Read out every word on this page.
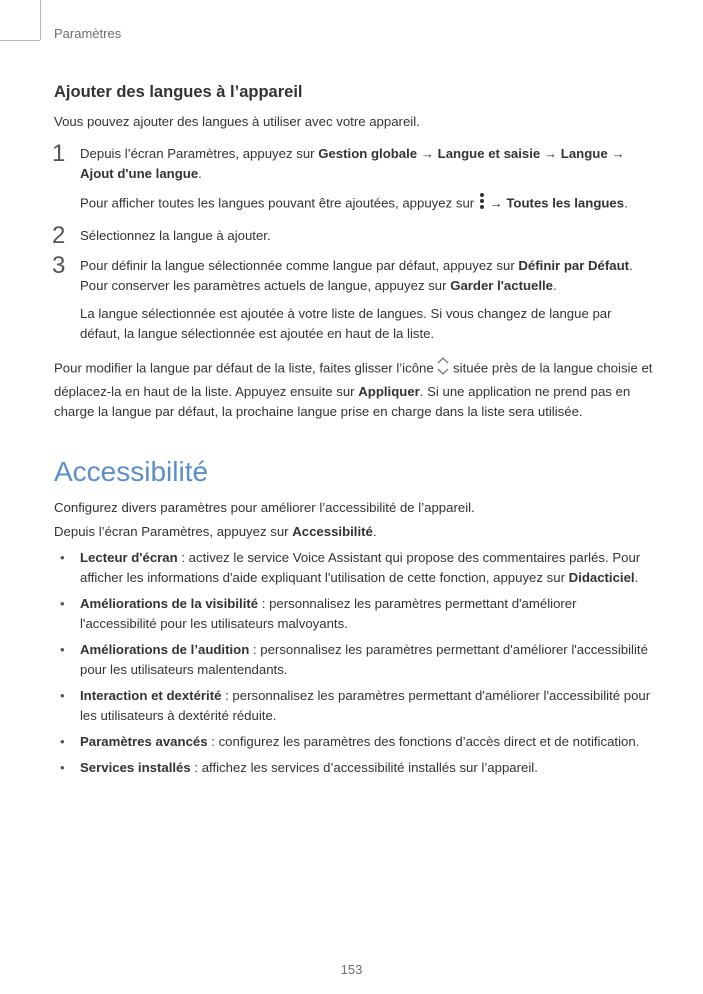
Paramètres
Ajouter des langues à l’appareil

Vous pouvez ajouter des langues à utiliser avec votre appareil.

1 Depuis l’écran Paramètres, appuyez sur Gestion globale → Langue et saisie → Langue → Ajout d'une langue.

Pour afficher toutes les langues pouvant être ajoutées, appuyez sur  → Toutes les langues.

2 Sélectionnez la langue à ajouter.

3 Pour définir la langue sélectionnée comme langue par défaut, appuyez sur Définir par Défaut.
Pour conserver les paramètres actuels de langue, appuyez sur Garder l'actuelle.

La langue sélectionnée est ajoutée à votre liste de langues. Si vous changez de langue par défaut, la langue sélectionnée est ajoutée en haut de la liste.

Pour modifier la langue par défaut de la liste, faites glisser l’icône  située près de la langue choisie et déplacez-la en haut de la liste. Appuyez ensuite sur Appliquer. Si une application ne prend pas en charge la langue par défaut, la prochaine langue prise en charge dans la liste sera utilisée.

Accessibilité

Configurez divers paramètres pour améliorer l’accessibilité de l’appareil.

Depuis l’écran Paramètres, appuyez sur Accessibilité.

• Lecteur d'écran : activez le service Voice Assistant qui propose des commentaires parlés. Pour afficher les informations d'aide expliquant l'utilisation de cette fonction, appuyez sur Didacticiel.
• Améliorations de la visibilité : personnalisez les paramètres permettant d'améliorer l'accessibilité pour les utilisateurs malvoyants.
• Améliorations de l’audition : personnalisez les paramètres permettant d'améliorer l'accessibilité pour les utilisateurs malentendants.
• Interaction et dextérité : personnalisez les paramètres permettant d'améliorer l'accessibilité pour les utilisateurs à dextérité réduite.
• Paramètres avancés : configurez les paramètres des fonctions d’accès direct et de notification.
• Services installés : affichez les services d’accessibilité installés sur l’appareil.
153
